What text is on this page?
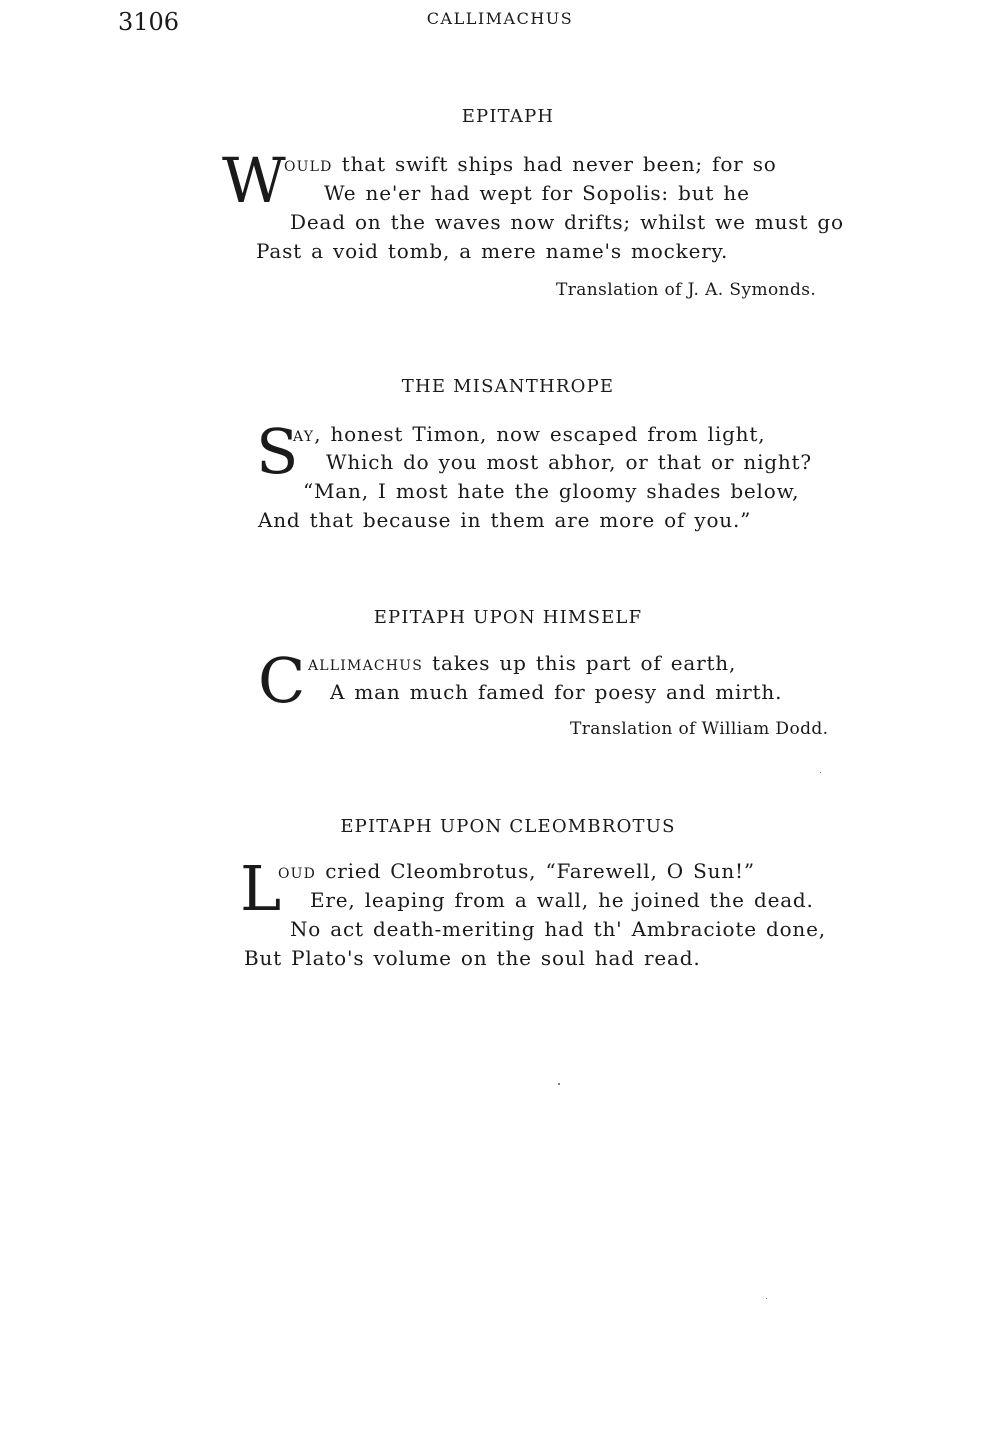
3106	CALLIMACHUS
EPITAPH
W
OULD that swift ships had never been; for so
We ne'er had wept for Sopolis: but he
Dead on the waves now drifts; whilst we must go
Past a void tomb, a mere name's mockery.
Translation of J. A. Symonds.
THE MISANTHROPE
S
AY, honest Timon, now escaped from light,
Which do you most abhor, or that or night?
“Man, I most hate the gloomy shades below,
And that because in them are more of you.”
EPITAPH UPON HIMSELF
C ALLIMACHUS takes up this part of earth,
A man much famed for poesy and mirth.
Translation of William Dodd.
EPITAPH UPON CLEOMBROTUS
L
OUD cried Cleombrotus, “Farewell, O Sun!”
Ere, leaping from a wall, he joined the dead.
No act death-meriting had th' Ambraciote done,
But Plato's volume on the soul had read.
